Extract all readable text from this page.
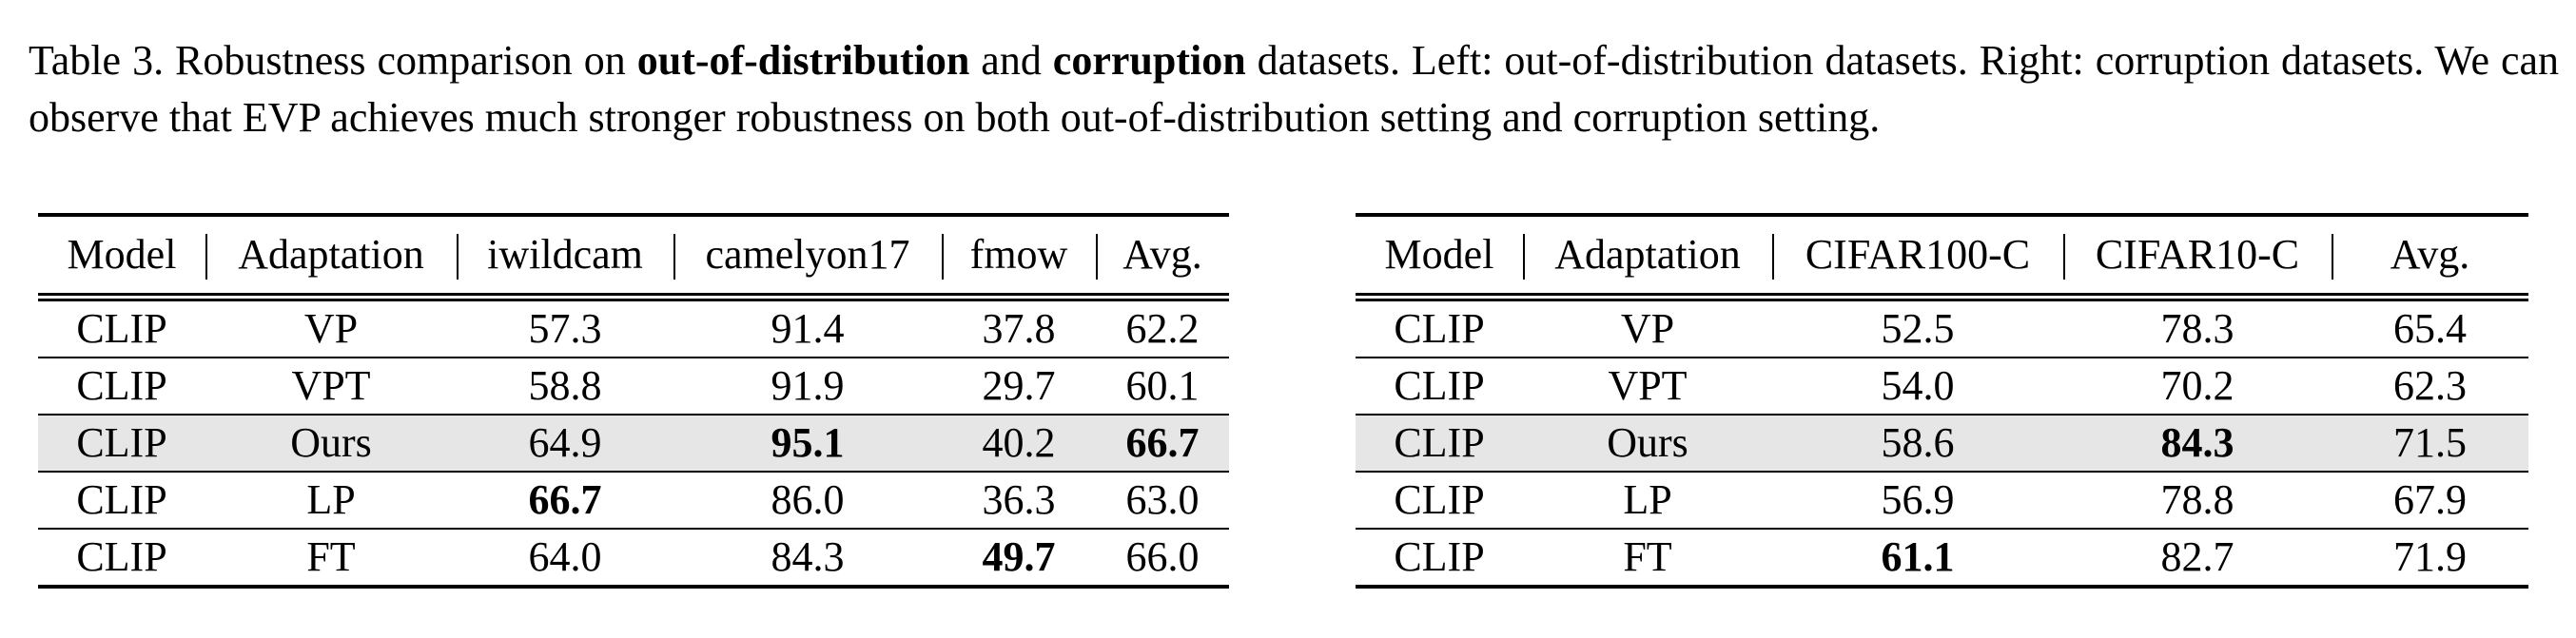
Table 3. Robustness comparison on out-of-distribution and corruption datasets. Left: out-of-distribution datasets. Right: corruption datasets. We can observe that EVP achieves much stronger robustness on both out-of-distribution setting and corruption setting.
Model	Adaptation	iwildcam	camelyon17	fmow	Avg.
CLIP	VP	57.3	91.4	37.8	62.2
CLIP	VPT	58.8	91.9	29.7	60.1
CLIP	Ours	64.9	95.1	40.2	66.7
CLIP	LP	66.7	86.0	36.3	63.0
CLIP	FT	64.0	84.3	49.7	66.0
Model	Adaptation	CIFAR100-C	CIFAR10-C	Avg.
CLIP	VP	52.5	78.3	65.4
CLIP	VPT	54.0	70.2	62.3
CLIP	Ours	58.6	84.3	71.5
CLIP	LP	56.9	78.8	67.9
CLIP	FT	61.1	82.7	71.9
